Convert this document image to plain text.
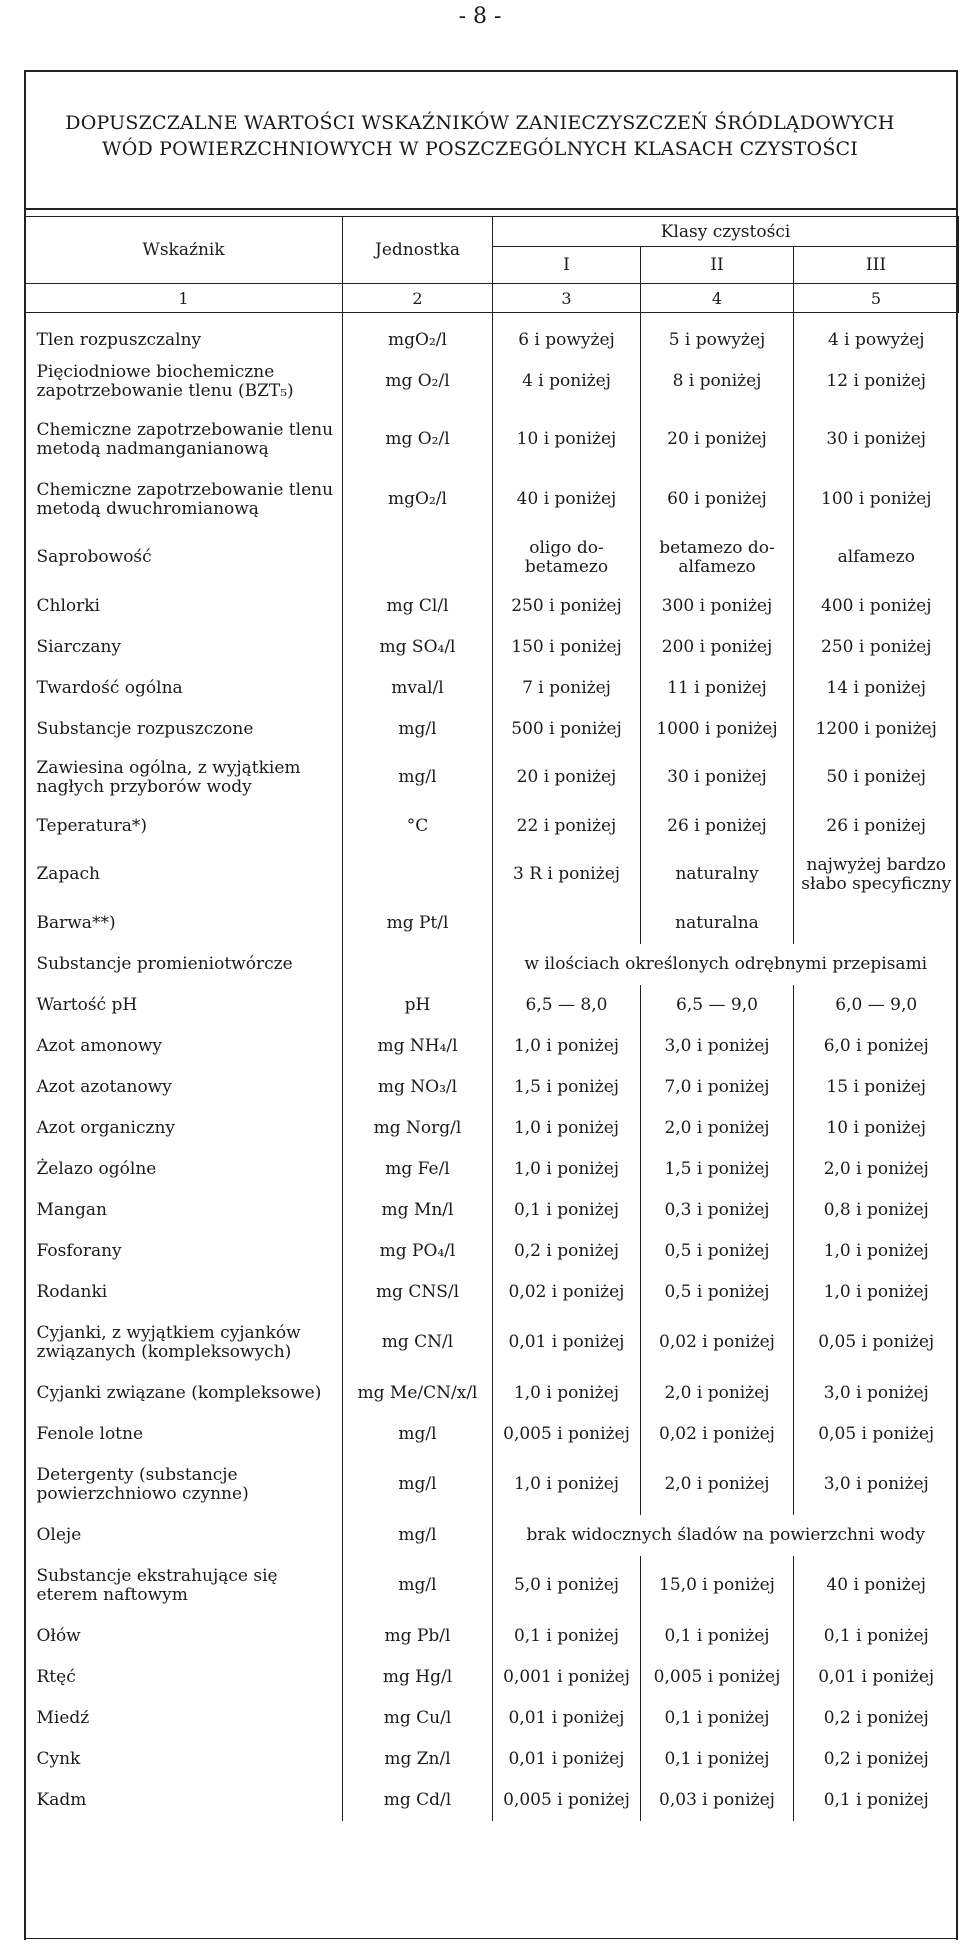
- 8 -
DOPUSZCZALNE WARTOŚCI WSKAŹNIKÓW ZANIECZYSZCZEŃ ŚRÓDLĄDOWYCH
WÓD POWIERZCHNIOWYCH W POSZCZEGÓLNYCH KLASACH CZYSTOŚCI
Wskaźnik	Jednostka	Klasy czystości		
		I	II	III
1	2	3	4	5
Tlen rozpuszczalny	mgO₂/l	6 i powyżej	5 i powyżej	4 i powyżej
Pięciodniowe biochemiczne zapotrzebowanie tlenu (BZT₅)	mg O₂/l	4 i poniżej	8 i poniżej	12 i poniżej
Chemiczne zapotrzebowanie tlenu metodą nadmanganianową	mg O₂/l	10 i poniżej	20 i poniżej	30 i poniżej
Chemiczne zapotrzebowanie tlenu metodą dwuchromianową	mgO₂/l	40 i poniżej	60 i poniżej	100 i poniżej
Saprobowość		oligo do-betamezo	betamezo do-alfamezo	alfamezo
Chlorki	mg Cl/l	250 i poniżej	300 i poniżej	400 i poniżej
Siarczany	mg SO₄/l	150 i poniżej	200 i poniżej	250 i poniżej
Twardość ogólna	mval/l	7 i poniżej	11 i poniżej	14 i poniżej
Substancje rozpuszczone	mg/l	500 i poniżej	1000 i poniżej	1200 i poniżej
Zawiesina ogólna, z wyjątkiem nagłych przyborów wody	mg/l	20 i poniżej	30 i poniżej	50 i poniżej
Teperatura*)	°C	22 i poniżej	26 i poniżej	26 i poniżej
Zapach		3 R i poniżej	naturalny	najwyżej bardzo słabo specyficzny
Barwa**)	mg Pt/l		naturalna	
Substancje promieniotwórcze		w ilościach określonych odrębnymi przepisami		
Wartość pH	pH	6,5 — 8,0	6,5 — 9,0	6,0 — 9,0
Azot amonowy	mg NH₄/l	1,0 i poniżej	3,0 i poniżej	6,0 i poniżej
Azot azotanowy	mg NO₃/l	1,5 i poniżej	7,0 i poniżej	15 i poniżej
Azot organiczny	mg Norg/l	1,0 i poniżej	2,0 i poniżej	10 i poniżej
Żelazo ogólne	mg Fe/l	1,0 i poniżej	1,5 i poniżej	2,0 i poniżej
Mangan	mg Mn/l	0,1 i poniżej	0,3 i poniżej	0,8 i poniżej
Fosforany	mg PO₄/l	0,2 i poniżej	0,5 i poniżej	1,0 i poniżej
Rodanki	mg CNS/l	0,02 i poniżej	0,5 i poniżej	1,0 i poniżej
Cyjanki, z wyjątkiem cyjanków związanych (kompleksowych)	mg CN/l	0,01 i poniżej	0,02 i poniżej	0,05 i poniżej
Cyjanki związane (kompleksowe)	mg Me/CN/x/l	1,0 i poniżej	2,0 i poniżej	3,0 i poniżej
Fenole lotne	mg/l	0,005 i poniżej	0,02 i poniżej	0,05 i poniżej
Detergenty (substancje powierzchniowo czynne)	mg/l	1,0 i poniżej	2,0 i poniżej	3,0 i poniżej
Oleje	mg/l	brak widocznych śladów na powierzchni wody		
Substancje ekstrahujące się eterem naftowym	mg/l	5,0 i poniżej	15,0 i poniżej	40 i poniżej
Ołów	mg Pb/l	0,1 i poniżej	0,1 i poniżej	0,1 i poniżej
Rtęć	mg Hg/l	0,001 i poniżej	0,005 i poniżej	0,01 i poniżej
Miedź	mg Cu/l	0,01 i poniżej	0,1 i poniżej	0,2 i poniżej
Cynk	mg Zn/l	0,01 i poniżej	0,1 i poniżej	0,2 i poniżej
Kadm	mg Cd/l	0,005 i poniżej	0,03 i poniżej	0,1 i poniżej
